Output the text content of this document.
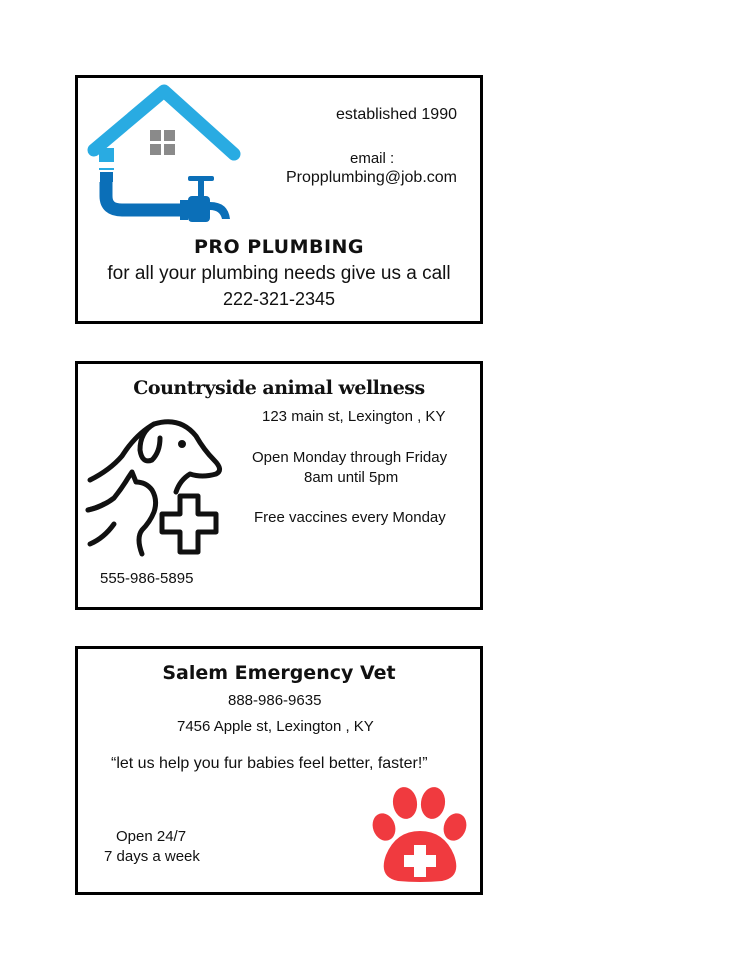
established 1990
email :
Propplumbing@job.com
PRO PLUMBING
for all your plumbing needs give us a call
222-321-2345
Countryside animal wellness
123 main st, Lexington , KY
Open Monday through Friday
8am until 5pm
Free vaccines every Monday
555-986-5895
Salem Emergency Vet
888-986-9635
7456 Apple st, Lexington , KY
“let us help you fur babies feel better, faster!”
Open 24/7
7 days a week
